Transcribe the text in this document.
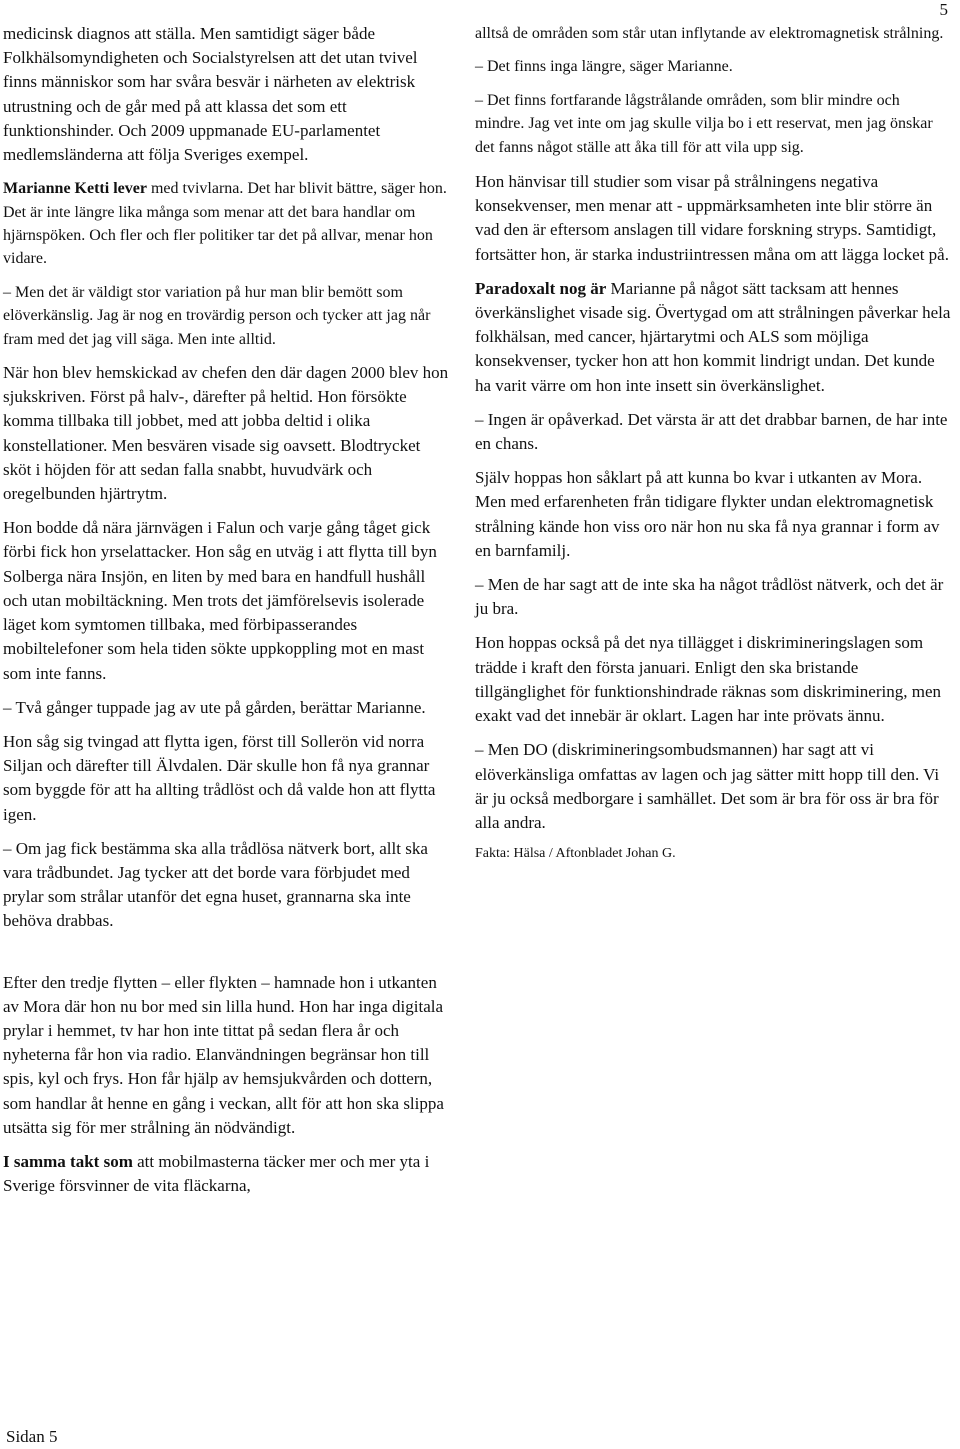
5

medicinsk diagnos att ställa. Men samtidigt säger både Folkhälsomyndigheten och Socialstyrelsen att det utan tvivel finns människor som har svåra besvär i närheten av elektrisk utrustning och de går med på att klassa det som ett funktionshinder. Och 2009 uppmanade EU-parlamentet medlemsländerna att följa Sveriges exempel.

Marianne Ketti lever med tvivlarna. Det har blivit bättre, säger hon. Det är inte längre lika många som menar att det bara handlar om hjärnspöken. Och fler och fler politiker tar det på allvar, menar hon vidare.

– Men det är väldigt stor variation på hur man blir bemött som elöverkänslig. Jag är nog en trovärdig person och tycker att jag når fram med det jag vill säga. Men inte alltid.

När hon blev hemskickad av chefen den där dagen 2000 blev hon sjukskriven. Först på halv-, därefter på heltid. Hon försökte komma tillbaka till jobbet, med att jobba deltid i olika konstellationer. Men besvären visade sig oavsett. Blodtrycket sköt i höjden för att sedan falla snabbt, huvudvärk och oregelbunden hjärtrytm.

Hon bodde då nära järnvägen i Falun och varje gång tåget gick förbi fick hon yrselattacker. Hon såg en utväg i att flytta till byn Solberga nära Insjön, en liten by med bara en handfull hushåll och utan mobiltäckning. Men trots det jämförelsevis isolerade läget kom symtomen tillbaka, med förbipasserandes mobiltelefoner som hela tiden sökte uppkoppling mot en mast som inte fanns.

– Två gånger tuppade jag av ute på gården, berättar Marianne.

Hon såg sig tvingad att flytta igen, först till Sollerön vid norra Siljan och därefter till Älvdalen. Där skulle hon få nya grannar som byggde för att ha allting trådlöst och då valde hon att flytta igen.

– Om jag fick bestämma ska alla trådlösa nätverk bort, allt ska vara trådbundet. Jag tycker att det borde vara förbjudet med prylar som strålar utanför det egna huset, grannarna ska inte behöva drabbas.

Efter den tredje flytten – eller flykten – hamnade hon i utkanten av Mora där hon nu bor med sin lilla hund. Hon har inga digitala prylar i hemmet, tv har hon inte tittat på sedan flera år och nyheterna får hon via radio. Elanvändningen begränsar hon till spis, kyl och frys. Hon får hjälp av hemsjukvården och dottern, som handlar åt henne en gång i veckan, allt för att hon ska slippa utsätta sig för mer strålning än nödvändigt.

I samma takt som att mobilmasterna täcker mer och mer yta i Sverige försvinner de vita fläckarna,

alltså de områden som står utan inflytande av elektromagnetisk strålning.

– Det finns inga längre, säger Marianne.

– Det finns fortfarande lågstrålande områden, som blir mindre och mindre. Jag vet inte om jag skulle vilja bo i ett reservat, men jag önskar det fanns något ställe att åka till för att vila upp sig.

Hon hänvisar till studier som visar på strålningens negativa konsekvenser, men menar att - uppmärksamheten inte blir större än vad den är eftersom anslagen till vidare forskning stryps. Samtidigt, fortsätter hon, är starka industriintressen måna om att lägga locket på.

Paradoxalt nog är Marianne på något sätt tacksam att hennes överkänslighet visade sig. Övertygad om att strålningen påverkar hela folkhälsan, med cancer, hjärtarytmi och ALS som möjliga konsekvenser, tycker hon att hon kommit lindrigt undan. Det kunde ha varit värre om hon inte insett sin överkänslighet.

– Ingen är opåverkad. Det värsta är att det drabbar barnen, de har inte en chans.

Själv hoppas hon såklart på att kunna bo kvar i utkanten av Mora. Men med erfarenheten från tidigare flykter undan elektromagnetisk strålning kände hon viss oro när hon nu ska få nya grannar i form av en barnfamilj.

– Men de har sagt att de inte ska ha något trådlöst nätverk, och det är ju bra.

Hon hoppas också på det nya tillägget i diskrimineringslagen som trädde i kraft den första januari. Enligt den ska bristande tillgänglighet för funktionshindrade räknas som diskriminering, men exakt vad det innebär är oklart. Lagen har inte prövats ännu.

– Men DO (diskrimineringsombudsmannen) har sagt att vi elöverkänsliga omfattas av lagen och jag sätter mitt hopp till den. Vi är ju också medborgare i samhället. Det som är bra för oss är bra för alla andra.

Fakta: Hälsa / Aftonbladet Johan G.

Sidan 5
